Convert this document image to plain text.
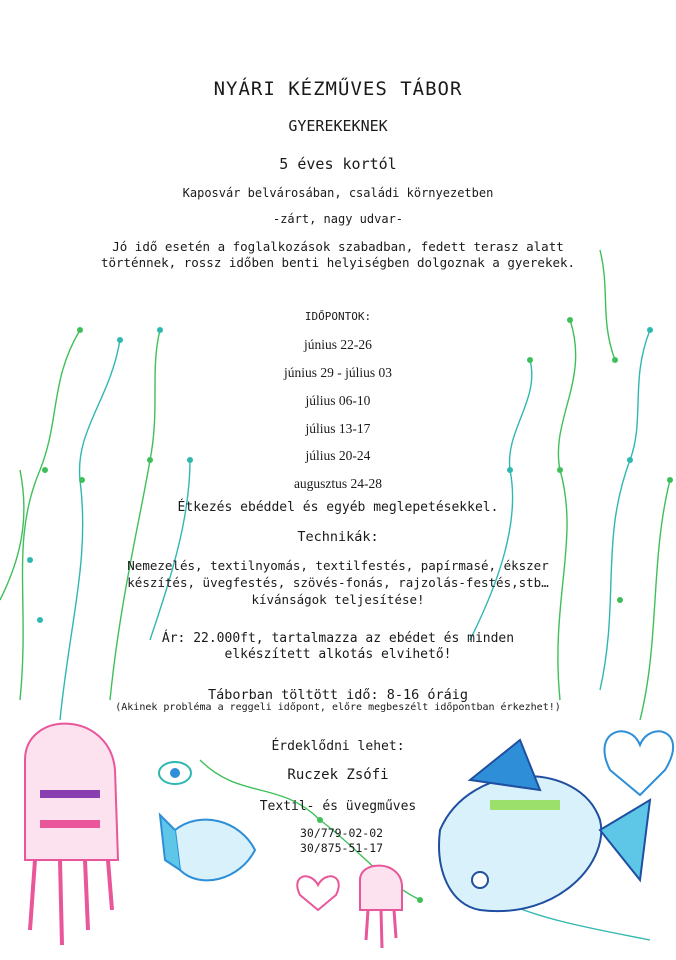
NYÁRI KÉZMŰVES TÁBOR
GYEREKEKNEK
5 éves kortól
Kaposvár belvárosában, családi környezetben
-zárt, nagy udvar-
Jó idő esetén a foglalkozások szabadban, fedett terasz alatt történnek, rossz időben benti helyiségben dolgoznak a gyerekek.
IDŐPONTOK:
június 22-26
június 29 - július 03
július 06-10
július 13-17
július 20-24
augusztus 24-28
Étkezés ebéddel és egyéb meglepetésekkel.
Technikák:
Nemezelés, textilnyomás, textilfestés, papírmasé, ékszer készítés, üvegfestés, szövés-fonás, rajzolás-festés,stb… kívánságok teljesítése!
Ár: 22.000ft, tartalmazza az ebédet és minden elkészített alkotás elvihető!
Táborban töltött idő: 8-16 óráig
(Akinek probléma a reggeli időpont, előre megbeszélt időpontban érkezhet!)
Érdeklődni lehet:
Ruczek Zsófi
Textil- és üvegműves
30/779-02-02
30/875-51-17
